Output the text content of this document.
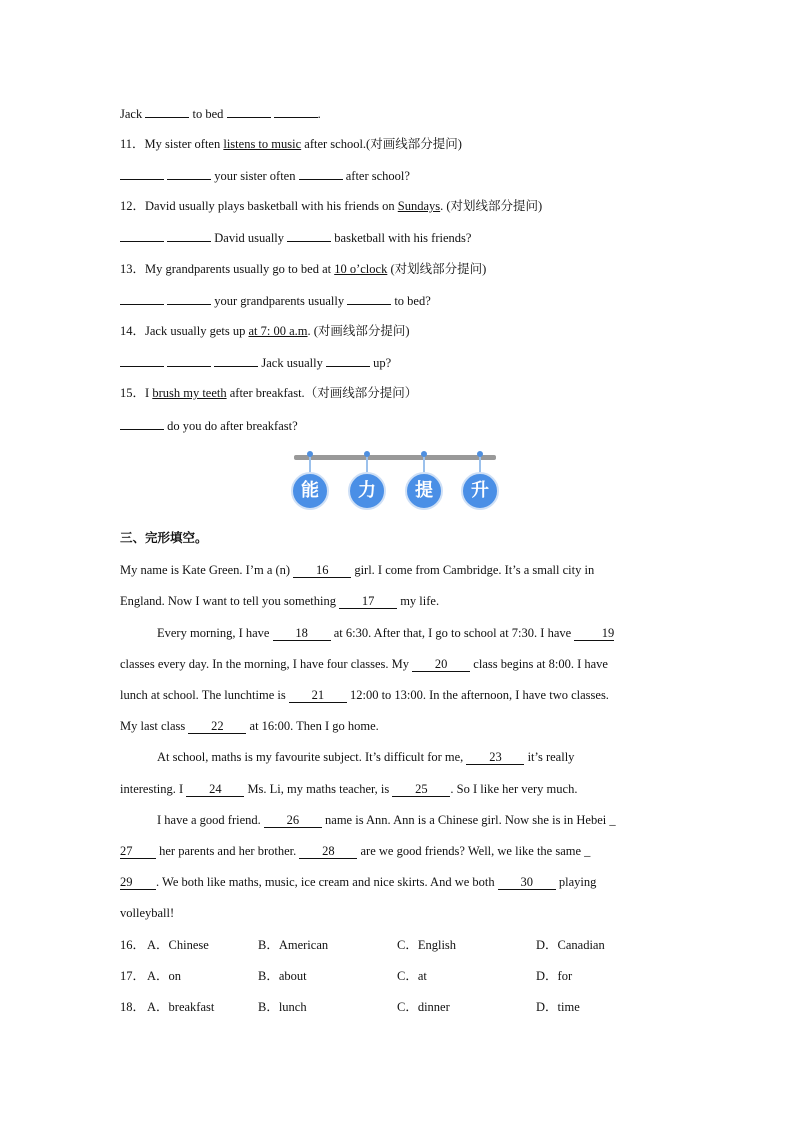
Jack	to bed	.
11．My sister often listens to music after school.(对画线部分提问)
your sister often	after school?
12．David usually plays basketball with his friends on Sundays. (对划线部分提问)
David usually	basketball with his friends?
13．My grandparents usually go to bed at 10 o’clock (对划线部分提问)
your grandparents usually	to bed?
14．Jack usually gets up at 7: 00 a.m. (对画线部分提问)
Jack usually	up?
15．I brush my teeth after breakfast.（对画线部分提问）
do you do after breakfast?
能	力	提	升
三、完形填空。
My name is Kate Green. I’m a (n) 16 girl. I come from Cambridge. It’s a small city in
England. Now I want to tell you something 17 my life.
Every morning, I have 18 at 6:30. After that, I go to school at 7:30. I have 19
classes every day. In the morning, I have four classes. My 20 class begins at 8:00. I have
lunch at school. The lunchtime is 21 12:00 to 13:00. In the afternoon, I have two classes.
My last class 22 at 16:00. Then I go home.
At school, maths is my favourite subject. It’s difficult for me, 23 it’s really
interesting. I 24 Ms. Li, my maths teacher, is 25 . So I like her very much.
I have a good friend. 26 name is Ann. Ann is a Chinese girl. Now she is in Hebei _
27 her parents and her brother. 28 are we good friends? Well, we like the same _
29 . We both like maths, music, ice cream and nice skirts. And we both 30 playing
volleyball!
16． A．Chinese	B．American	C．English	D．Canadian
17． A．on	B．about	C．at	D．for
18． A．breakfast	B．lunch	C．dinner	D．time
